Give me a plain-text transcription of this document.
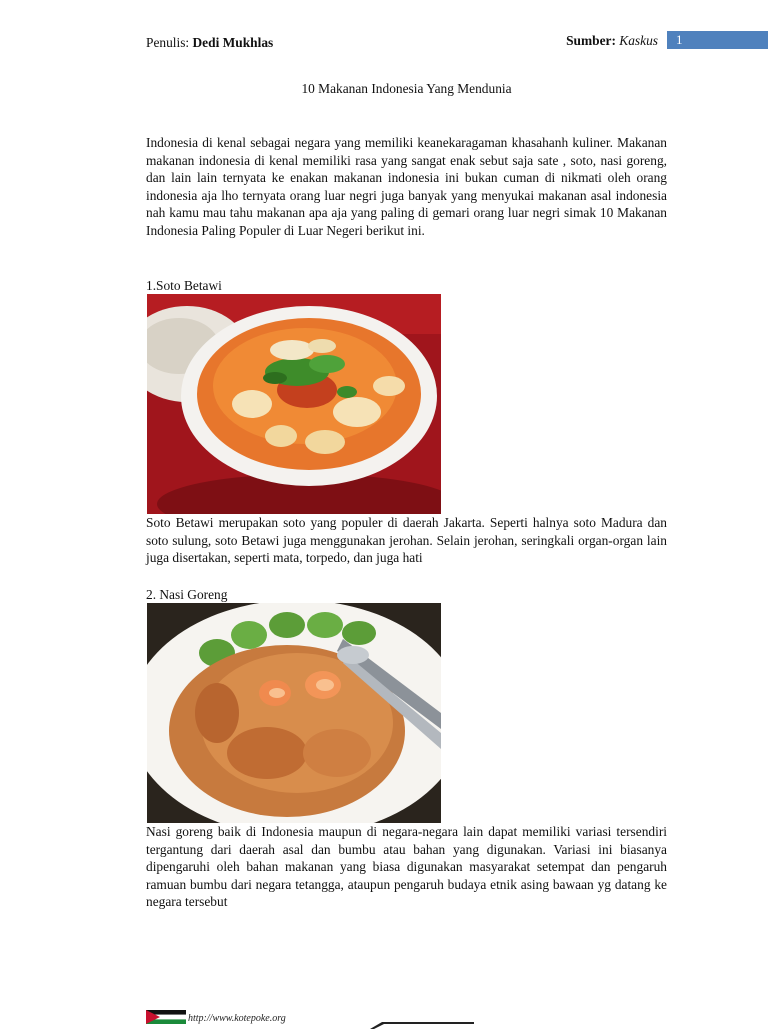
Penulis: Dedi Mukhlas	Sumber: Kaskus	1
10 Makanan Indonesia Yang Mendunia

Indonesia di kenal sebagai negara yang memiliki keanekaragaman khasahanh kuliner. Makanan makanan indonesia di kenal memiliki rasa yang sangat enak sebut saja sate , soto, nasi goreng, dan lain lain ternyata ke enakan makanan indonesia ini bukan cuman di nikmati oleh orang indonesia aja lho ternyata orang luar negri juga banyak yang menyukai makanan asal indonesia nah kamu mau tahu makanan apa aja yang paling di gemari orang luar negri simak 10 Makanan Indonesia Paling Populer di Luar Negeri berikut ini.

1.Soto Betawi

Soto Betawi merupakan soto yang populer di daerah Jakarta. Seperti halnya soto Madura dan soto sulung, soto Betawi juga menggunakan jerohan. Selain jerohan, seringkali organ-organ lain juga disertakan, seperti mata, torpedo, dan juga hati

2. Nasi Goreng

Nasi goreng baik di Indonesia maupun di negara-negara lain dapat memiliki variasi tersendiri tergantung dari daerah asal dan bumbu atau bahan yang digunakan. Variasi ini biasanya dipengaruhi oleh bahan makanan yang biasa digunakan masyarakat setempat dan pengaruh ramuan bumbu dari negara tetangga, ataupun pengaruh budaya etnik asing bawaan yg datang ke negara tersebut

http://www.kotepoke.org
